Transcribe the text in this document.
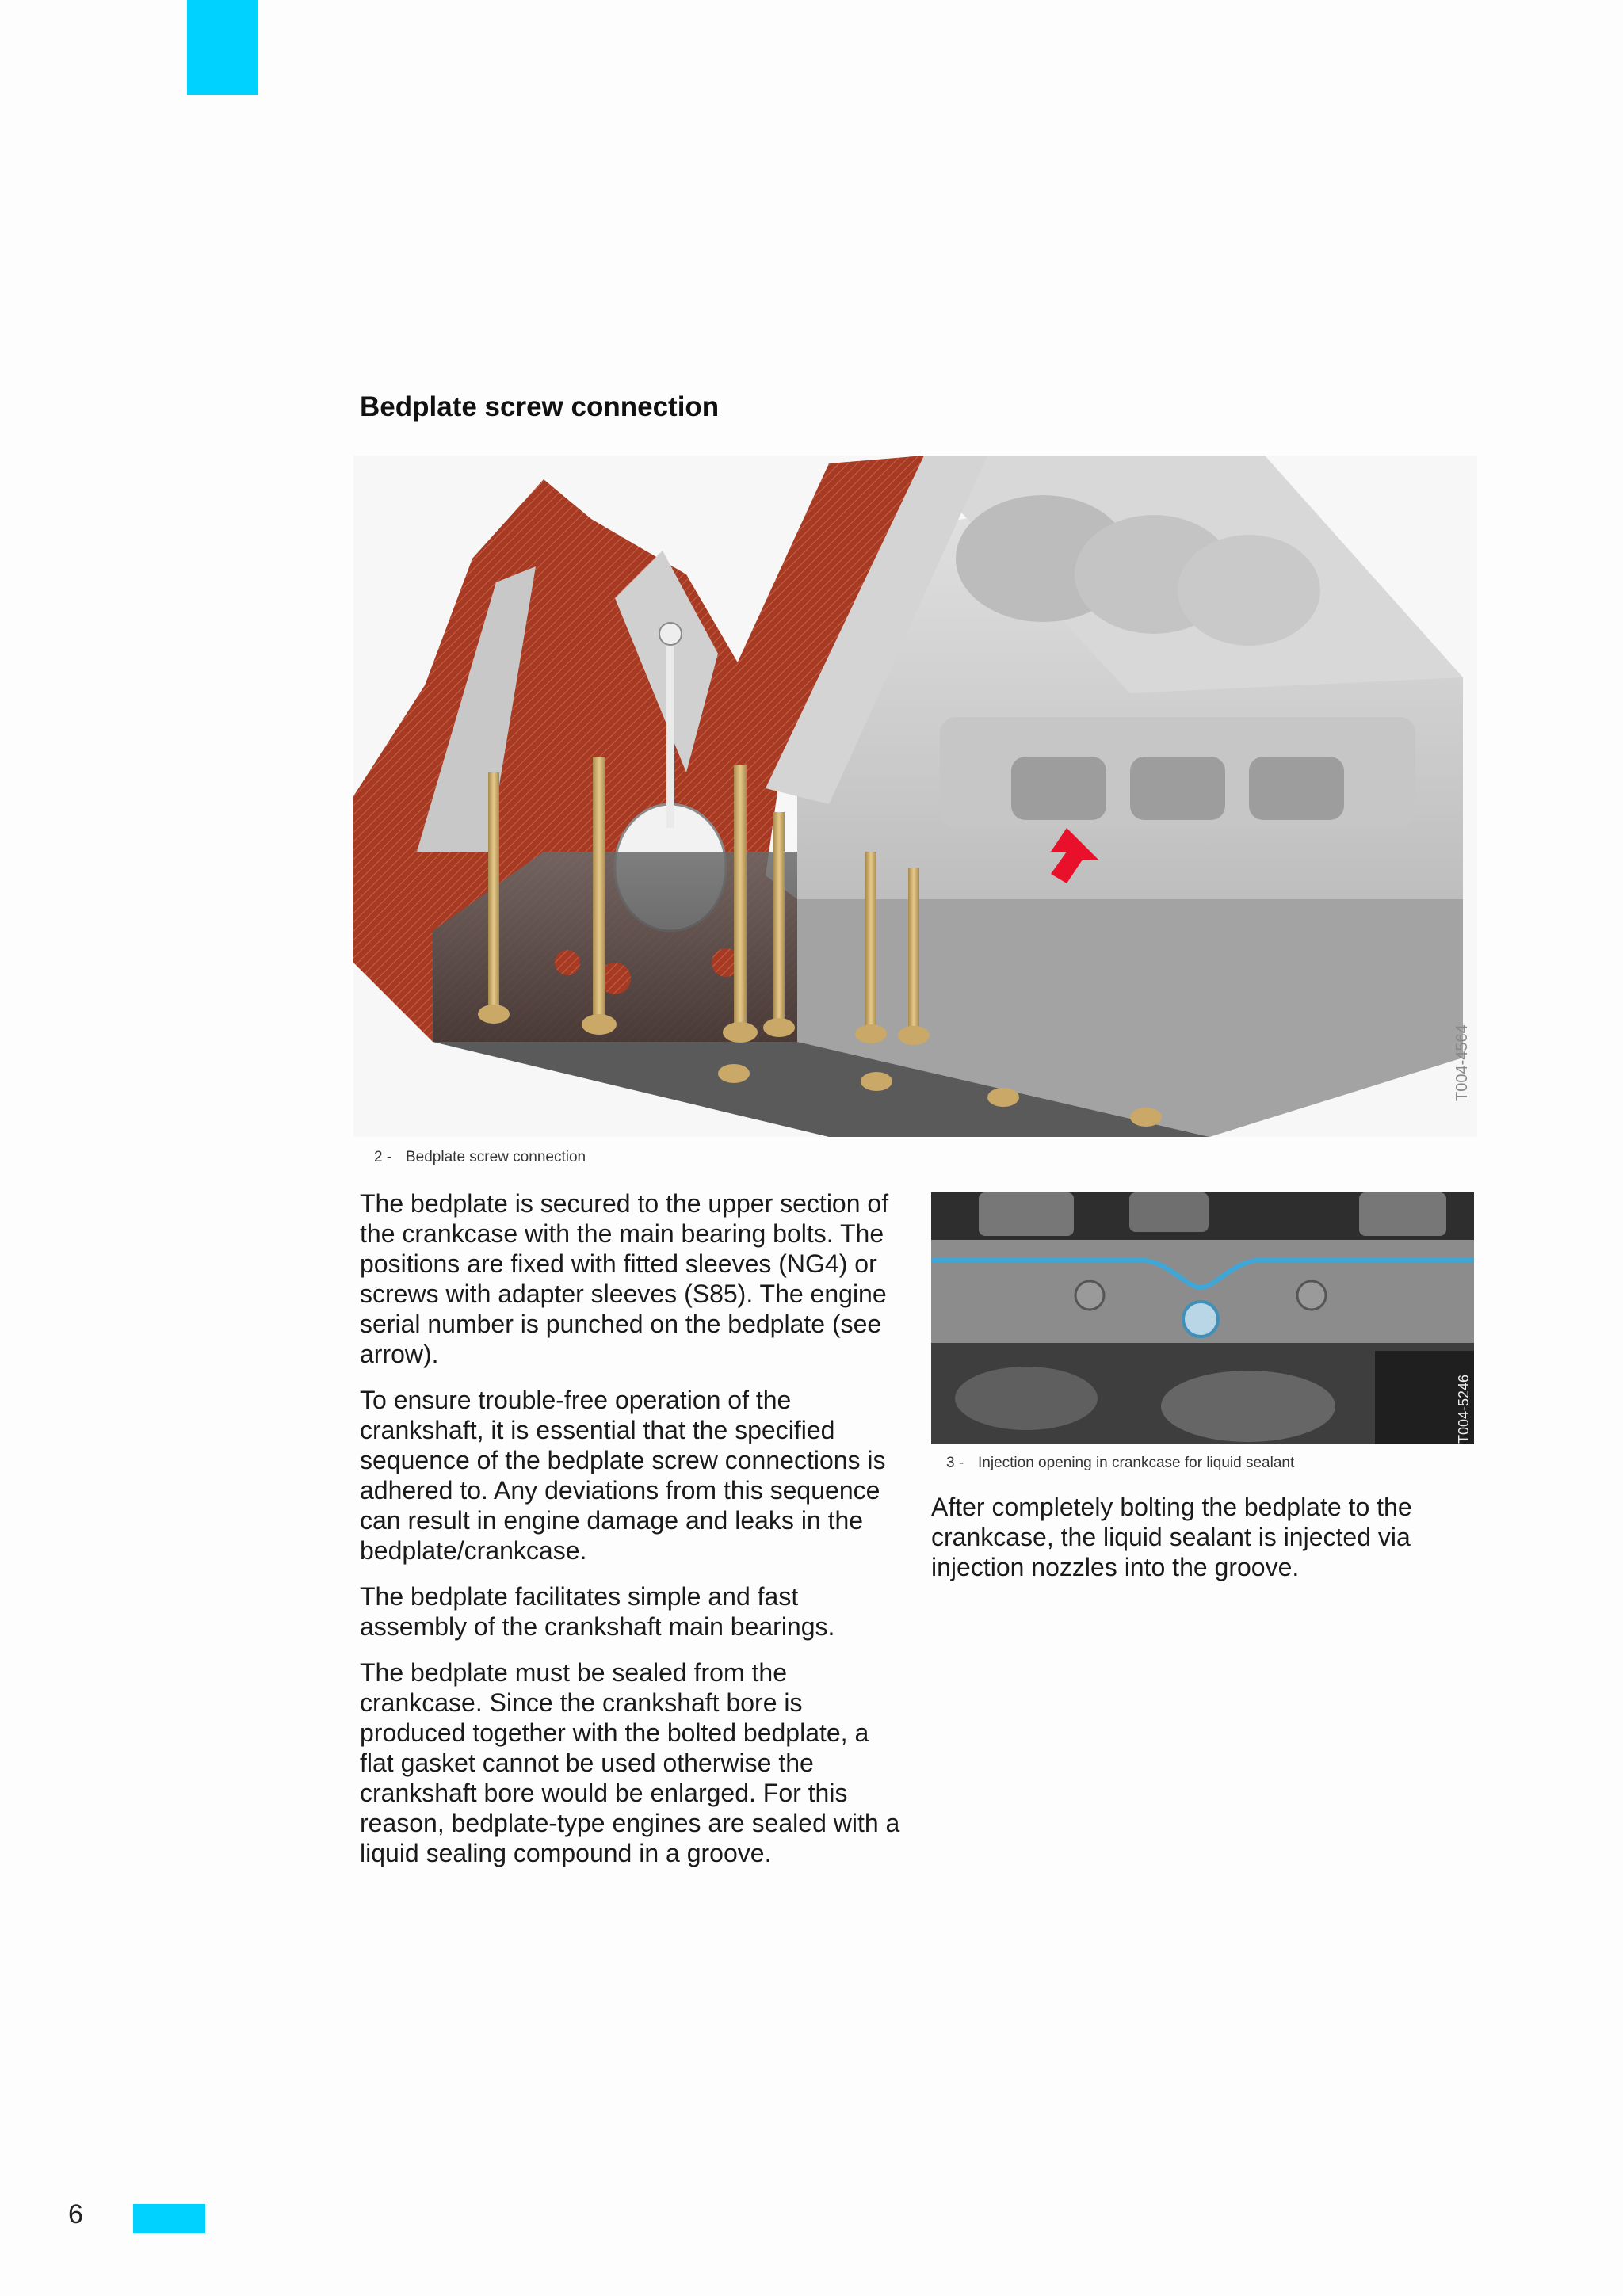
Bedplate screw connection
T004-4564
2 - Bedplate screw connection
T004-5246
3 - Injection opening in crankcase for liquid sealant

The bedplate is secured to the upper section of the crankcase with the main bearing bolts. The positions are fixed with fitted sleeves (NG4) or screws with adapter sleeves (S85). The engine serial number is punched on the bedplate (see arrow).

To ensure trouble-free operation of the crankshaft, it is essential that the specified sequence of the bedplate screw connections is adhered to. Any deviations from this sequence can result in engine damage and leaks in the bedplate/crankcase.

The bedplate facilitates simple and fast assembly of the crankshaft main bearings.

The bedplate must be sealed from the crankcase. Since the crankshaft bore is produced together with the bolted bedplate, a flat gasket cannot be used otherwise the crankshaft bore would be enlarged. For this reason, bedplate-type engines are sealed with a liquid sealing compound in a groove.

After completely bolting the bedplate to the crankcase, the liquid sealant is injected via injection nozzles into the groove.

6
